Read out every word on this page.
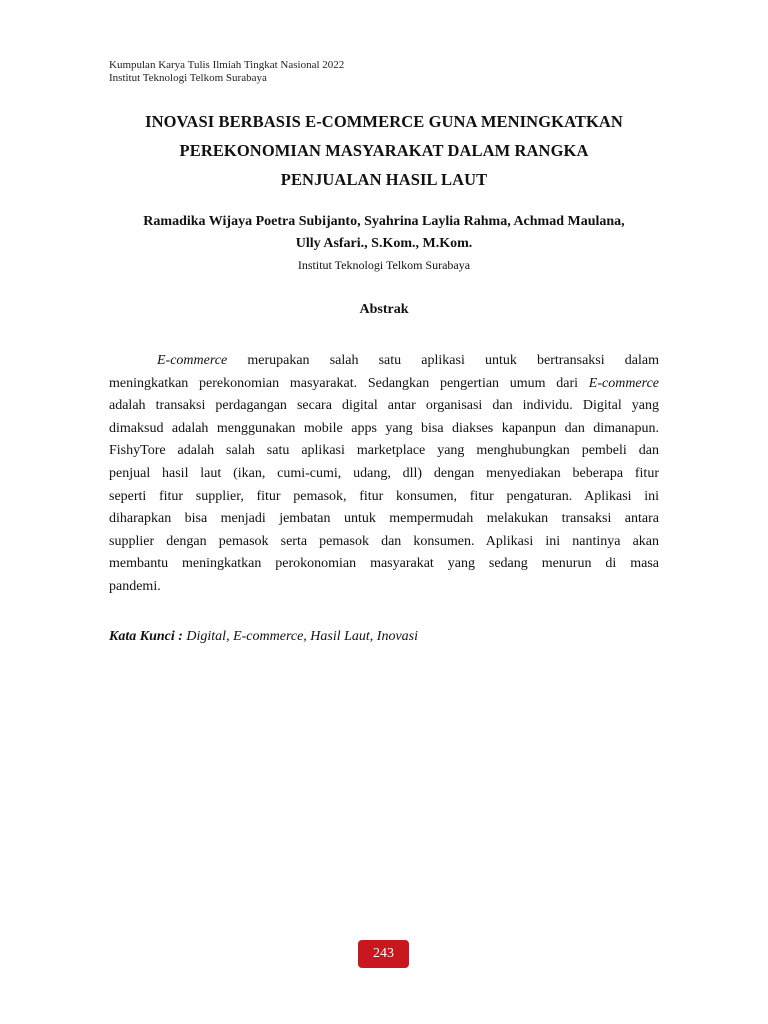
Kumpulan Karya Tulis Ilmiah Tingkat Nasional 2022
Institut Teknologi Telkom Surabaya
INOVASI BERBASIS E-COMMERCE GUNA MENINGKATKAN
PEREKONOMIAN MASYARAKAT DALAM RANGKA
PENJUALAN HASIL LAUT
Ramadika Wijaya Poetra Subijanto, Syahrina Laylia Rahma, Achmad Maulana,
Ully Asfari., S.Kom., M.Kom.
Institut Teknologi Telkom Surabaya
Abstrak
E-commerce merupakan salah satu aplikasi untuk bertransaksi dalam
meningkatkan perekonomian masyarakat. Sedangkan pengertian umum dari E-commerce
adalah transaksi perdagangan secara digital antar organisasi dan individu. Digital yang
dimaksud adalah menggunakan mobile apps yang bisa diakses kapanpun dan dimanapun.
FishyTore adalah salah satu aplikasi marketplace yang menghubungkan pembeli dan
penjual hasil laut (ikan, cumi-cumi, udang, dll) dengan menyediakan beberapa fitur
seperti fitur supplier, fitur pemasok, fitur konsumen, fitur pengaturan. Aplikasi ini
diharapkan bisa menjadi jembatan untuk mempermudah melakukan transaksi antara
supplier dengan pemasok serta pemasok dan konsumen. Aplikasi ini nantinya akan
membantu meningkatkan perokonomian masyarakat yang sedang menurun di masa
pandemi.
Kata Kunci : Digital, E-commerce, Hasil Laut, Inovasi
243
